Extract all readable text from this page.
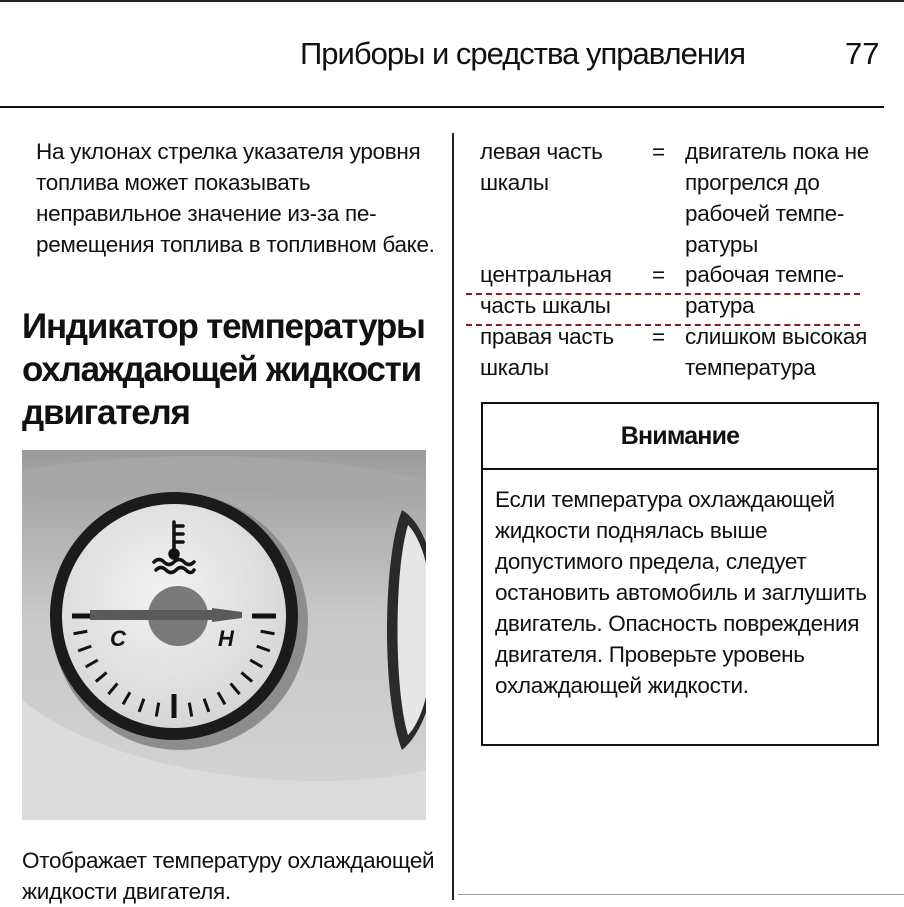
Приборы и средства управления	77

На уклонах стрелка указателя уровня топлива может показывать неправильное значение из-за перемещения топлива в топливном баке.

Индикатор температуры охлаждающей жидкости двигателя
C	H

Отображает температуру охлаждающей жидкости двигателя.

левая часть шкалы
= двигатель пока не прогрелся до рабочей температуры
центральная часть шкалы
= рабочая температура
правая часть шкалы
= слишком высокая температура
Внимание
Если температура охлаждающей жидкости поднялась выше допустимого предела, следует остановить автомобиль и заглушить двигатель. Опасность повреждения двигателя. Проверьте уровень охлаждающей жидкости.
